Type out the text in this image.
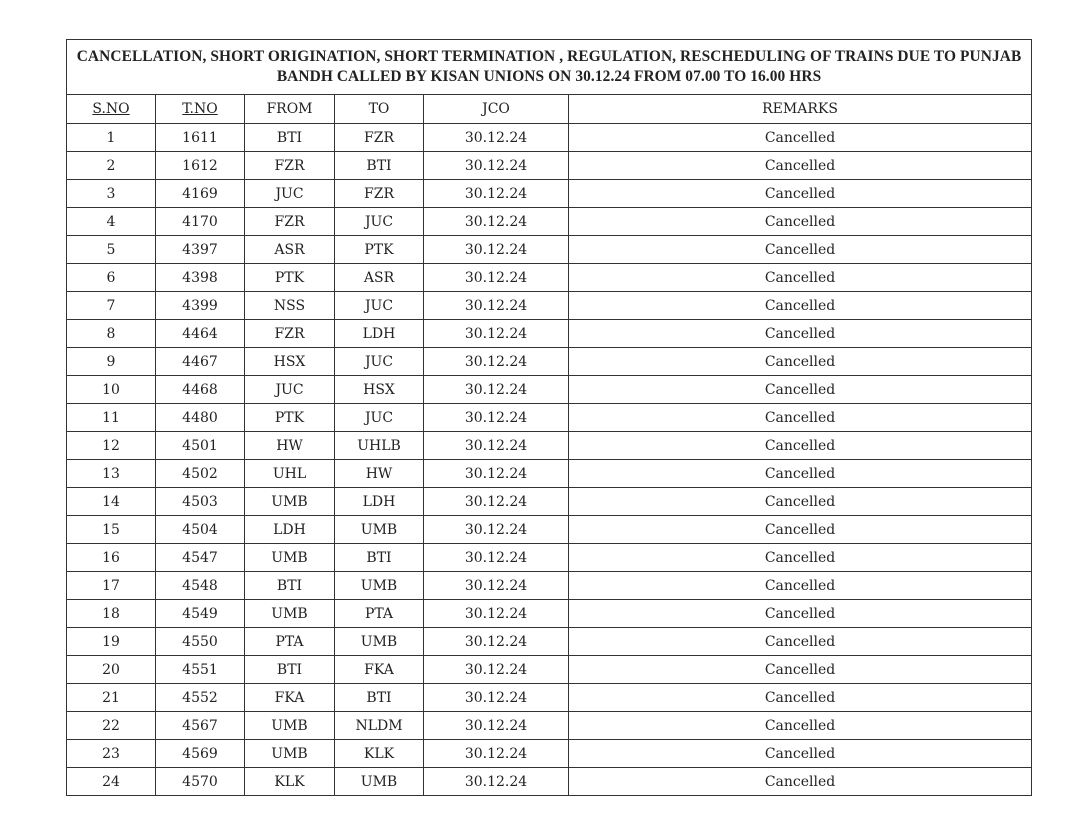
CANCELLATION, SHORT ORIGINATION, SHORT TERMINATION , REGULATION, RESCHEDULING OF TRAINS DUE TO PUNJAB
BANDH CALLED BY KISAN UNIONS ON 30.12.24 FROM 07.00 TO 16.00 HRS					

S.NO	T.NO	FROM	TO	JCO	REMARKS
1	1611	BTI	FZR	30.12.24	Cancelled
2	1612	FZR	BTI	30.12.24	Cancelled
3	4169	JUC	FZR	30.12.24	Cancelled
4	4170	FZR	JUC	30.12.24	Cancelled
5	4397	ASR	PTK	30.12.24	Cancelled
6	4398	PTK	ASR	30.12.24	Cancelled
7	4399	NSS	JUC	30.12.24	Cancelled
8	4464	FZR	LDH	30.12.24	Cancelled
9	4467	HSX	JUC	30.12.24	Cancelled
10	4468	JUC	HSX	30.12.24	Cancelled
11	4480	PTK	JUC	30.12.24	Cancelled
12	4501	HW	UHLB	30.12.24	Cancelled
13	4502	UHL	HW	30.12.24	Cancelled
14	4503	UMB	LDH	30.12.24	Cancelled
15	4504	LDH	UMB	30.12.24	Cancelled
16	4547	UMB	BTI	30.12.24	Cancelled
17	4548	BTI	UMB	30.12.24	Cancelled
18	4549	UMB	PTA	30.12.24	Cancelled
19	4550	PTA	UMB	30.12.24	Cancelled
20	4551	BTI	FKA	30.12.24	Cancelled
21	4552	FKA	BTI	30.12.24	Cancelled
22	4567	UMB	NLDM	30.12.24	Cancelled
23	4569	UMB	KLK	30.12.24	Cancelled
24	4570	KLK	UMB	30.12.24	Cancelled
